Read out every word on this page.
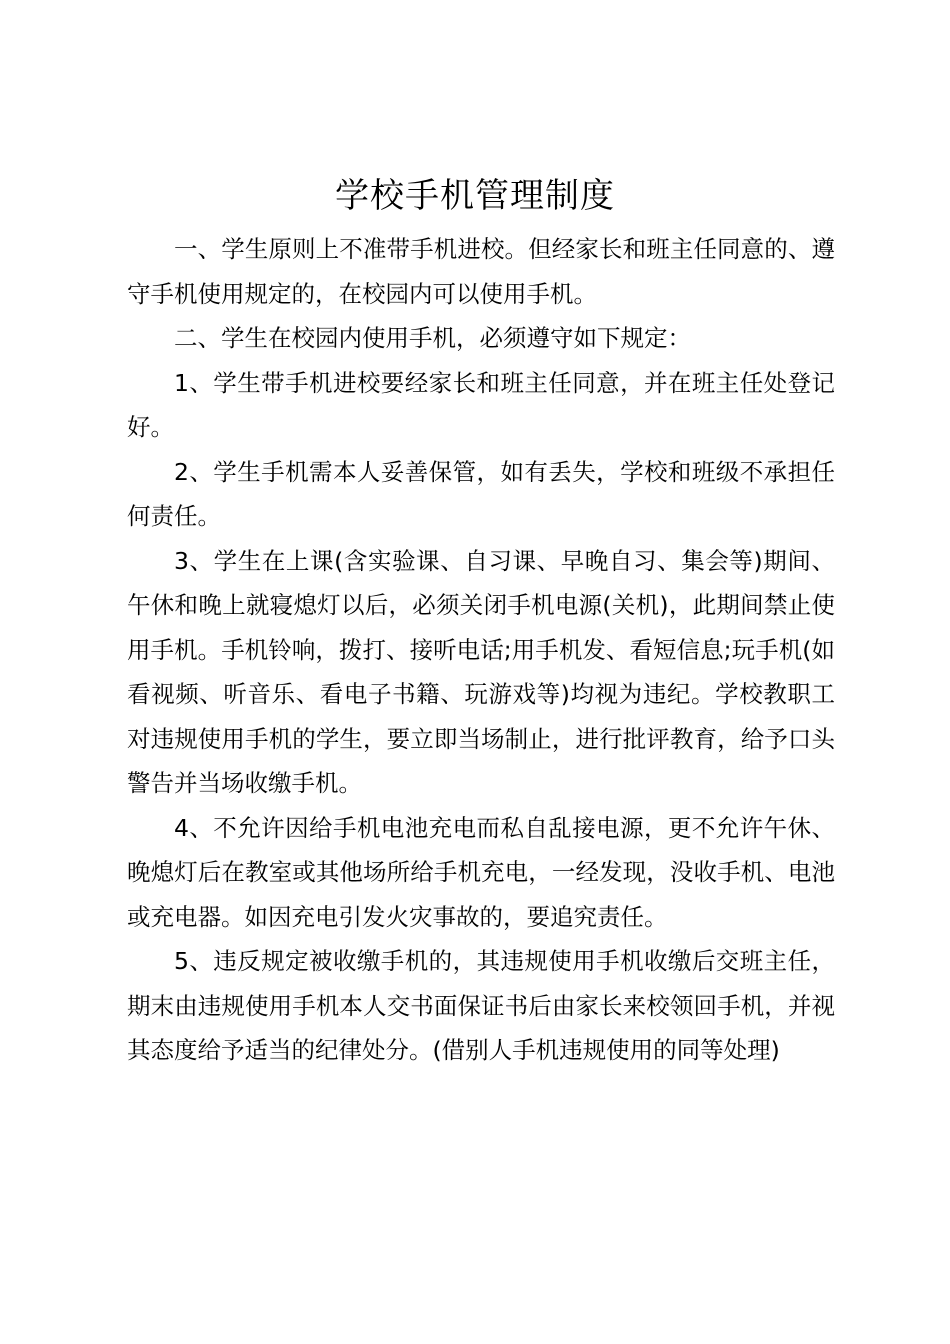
学校手机管理制度

一、学生原则上不准带手机进校。但经家长和班主任同意的、遵守手机使用规定的，在校园内可以使用手机。

二、学生在校园内使用手机，必须遵守如下规定：

1、学生带手机进校要经家长和班主任同意，并在班主任处登记好。

2、学生手机需本人妥善保管，如有丢失，学校和班级不承担任何责任。

3、学生在上课(含实验课、自习课、早晚自习、集会等)期间、午休和晚上就寝熄灯以后，必须关闭手机电源(关机)，此期间禁止使用手机。手机铃响，拨打、接听电话;用手机发、看短信息;玩手机(如看视频、听音乐、看电子书籍、玩游戏等)均视为违纪。学校教职工对违规使用手机的学生，要立即当场制止，进行批评教育，给予口头警告并当场收缴手机。

4、不允许因给手机电池充电而私自乱接电源，更不允许午休、晚熄灯后在教室或其他场所给手机充电，一经发现，没收手机、电池或充电器。如因充电引发火灾事故的，要追究责任。

5、违反规定被收缴手机的，其违规使用手机收缴后交班主任，期末由违规使用手机本人交书面保证书后由家长来校领回手机，并视其态度给予适当的纪律处分。(借别人手机违规使用的同等处理)
